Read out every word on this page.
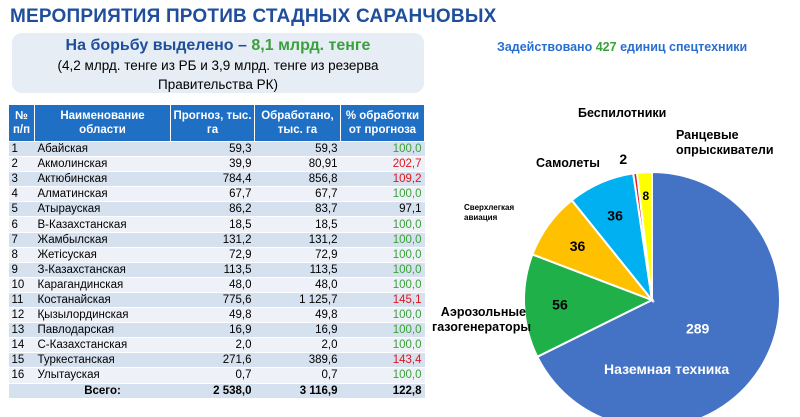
МЕРОПРИЯТИЯ ПРОТИВ СТАДНЫХ САРАНЧОВЫХ
На борьбу выделено – 8,1 млрд. тенге
(4,2 млрд. тенге из РБ и 3,9 млрд. тенге из резерва
Правительства РК)
Задействовано 427 единиц спецтехники
№ п/п	Наименование области	Прогноз, тыс. га	Обработано, тыс. га	% обработки от прогноза
1	Абайская	59,3	59,3	100,0
2	Акмолинская	39,9	80,91	202,7
3	Актюбинская	784,4	856,8	109,2
4	Алматинская	67,7	67,7	100,0
5	Атырауская	86,2	83,7	97,1
6	В-Казахстанская	18,5	18,5	100,0
7	Жамбылская	131,2	131,2	100,0
8	Жетісуская	72,9	72,9	100,0
9	З-Казахстанская	113,5	113,5	100,0
10	Карагандинская	48,0	48,0	100,0
11	Костанайская	775,6	1 125,7	145,1
12	Қызылординская	49,8	49,8	100,0
13	Павлодарская	16,9	16,9	100,0
14	С-Казахстанская	2,0	2,0	100,0
15	Туркестанская	271,6	389,6	143,4
16	Улытауская	0,7	0,7	100,0
	Всего:	2 538,0	3 116,9	122,8
289
56
36
36
2
8
Беспилотники
Ранцевые опрыскиватели
Самолеты
Сверхлегкая авиация
Аэрозольные газогенераторы
Наземная техника
